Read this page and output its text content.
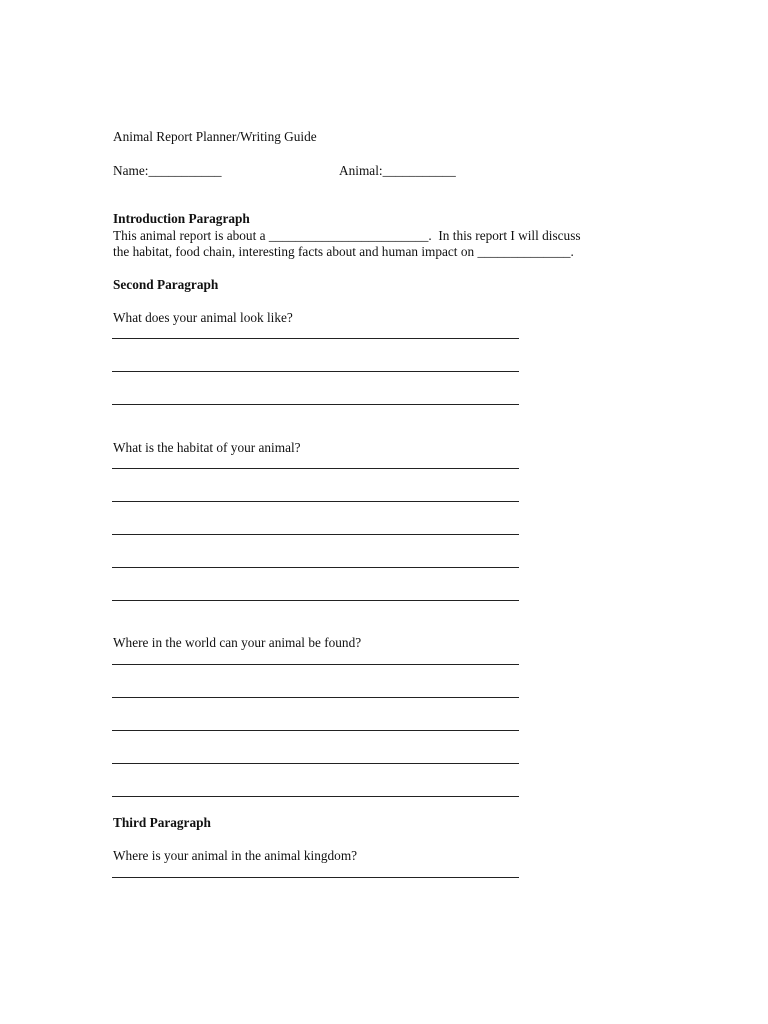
Animal Report Planner/Writing Guide
Name:___________	Animal:___________
Introduction Paragraph
This animal report is about a ________________________.  In this report I will discuss
the habitat, food chain, interesting facts about and human impact on ______________.
Second Paragraph
What does your animal look like?
What is the habitat of your animal?
Where in the world can your animal be found?
Third Paragraph
Where is your animal in the animal kingdom?
